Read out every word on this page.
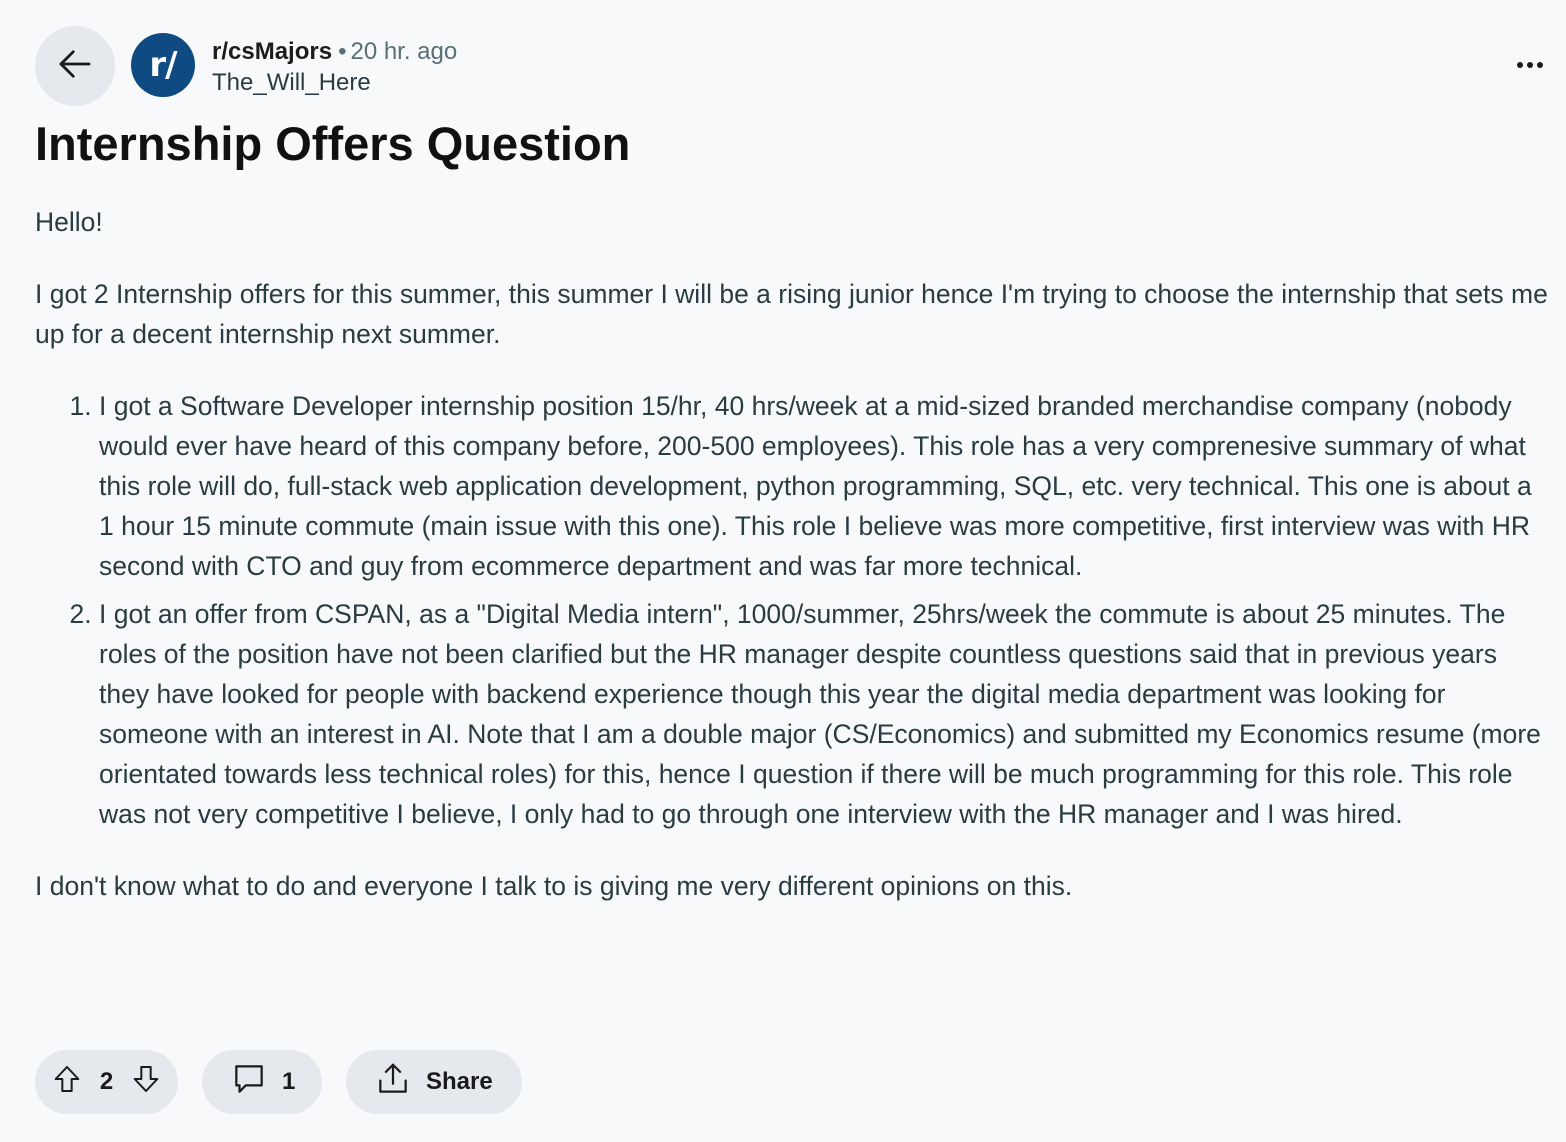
r/ r/csMajors • 20 hr. ago
The_Will_Here
Internship Offers Question

Hello!

I got 2 Internship offers for this summer, this summer I will be a rising junior hence I'm trying to choose the internship that sets me up for a decent internship next summer.

1. I got a Software Developer internship position 15/hr, 40 hrs/week at a mid-sized branded merchandise company (nobody would ever have heard of this company before, 200-500 employees). This role has a very comprenesive summary of what this role will do, full-stack web application development, python programming, SQL, etc. very technical. This one is about a 1 hour 15 minute commute (main issue with this one). This role I believe was more competitive, first interview was with HR second with CTO and guy from ecommerce department and was far more technical.
2. I got an offer from CSPAN, as a "Digital Media intern", 1000/summer, 25hrs/week the commute is about 25 minutes. The roles of the position have not been clarified but the HR manager despite countless questions said that in previous years they have looked for people with backend experience though this year the digital media department was looking for someone with an interest in AI. Note that I am a double major (CS/Economics) and submitted my Economics resume (more orientated towards less technical roles) for this, hence I question if there will be much programming for this role. This role was not very competitive I believe, I only had to go through one interview with the HR manager and I was hired.

I don't know what to do and everyone I talk to is giving me very different opinions on this.

2	1	Share
